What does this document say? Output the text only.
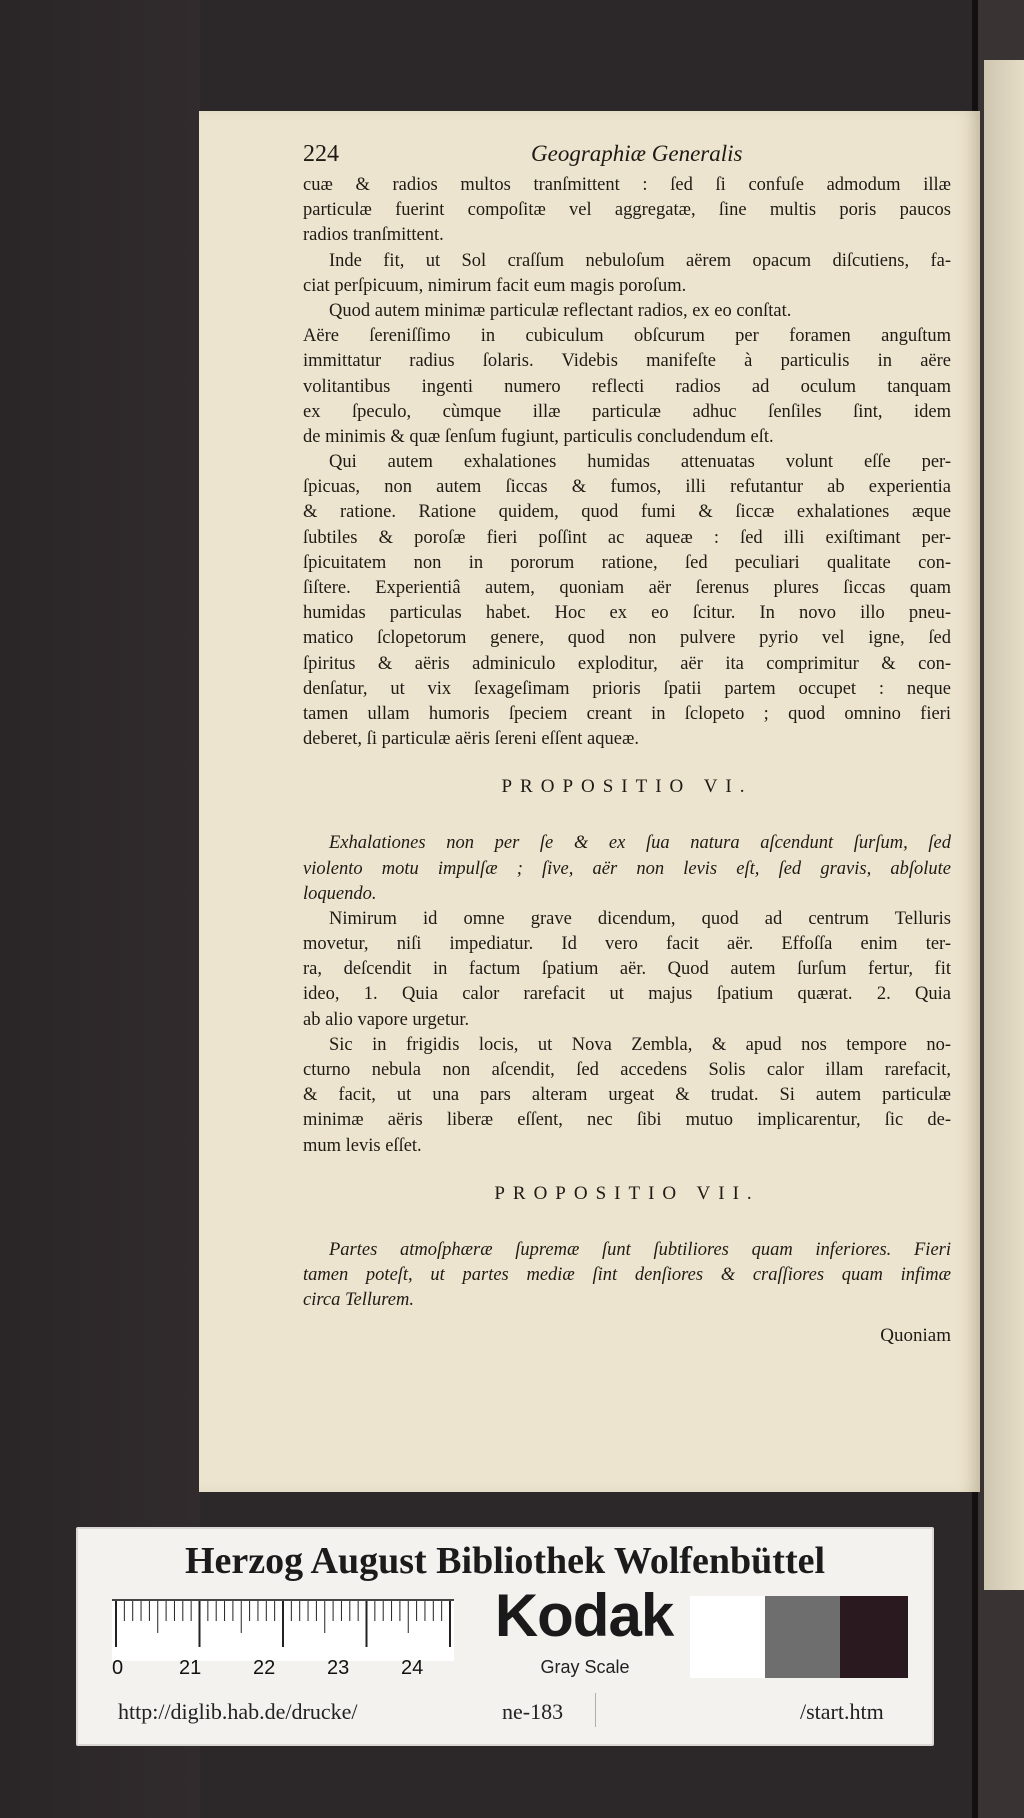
224	Geographiæ Generalis
cuæ & radios multos tranſmittent : ſed ſi confuſe admodum illæ
particulæ fuerint compoſitæ vel aggregatæ, ſine multis poris paucos
radios tranſmittent.
Inde fit, ut Sol craſſum nebuloſum aërem opacum diſcutiens, fa-
ciat perſpicuum, nimirum facit eum magis poroſum.
Quod autem minimæ particulæ reflectant radios, ex eo conſtat.
Aëre ſereniſſimo in cubiculum obſcurum per foramen anguſtum
immittatur radius ſolaris. Videbis manifeſte à particulis in aëre
volitantibus ingenti numero reflecti radios ad oculum tanquam
ex ſpeculo, cùmque illæ particulæ adhuc ſenſiles ſint, idem
de minimis & quæ ſenſum fugiunt, particulis concludendum eſt.
Qui autem exhalationes humidas attenuatas volunt eſſe per-
ſpicuas, non autem ſiccas & fumos, illi refutantur ab experientia
& ratione. Ratione quidem, quod fumi & ſiccæ exhalationes æque
ſubtiles & poroſæ fieri poſſint ac aqueæ : ſed illi exiſtimant per-
ſpicuitatem non in pororum ratione, ſed peculiari qualitate con-
ſiſtere. Experientiâ autem, quoniam aër ſerenus plures ſiccas quam
humidas particulas habet. Hoc ex eo ſcitur. In novo illo pneu-
matico ſclopetorum genere, quod non pulvere pyrio vel igne, ſed
ſpiritus & aëris adminiculo exploditur, aër ita comprimitur & con-
denſatur, ut vix ſexageſimam prioris ſpatii partem occupet : neque
tamen ullam humoris ſpeciem creant in ſclopeto ; quod omnino fieri
deberet, ſi particulæ aëris ſereni eſſent aqueæ.
PROPOSITIO VI.
Exhalationes non per ſe & ex ſua natura aſcendunt ſurſum, ſed
violento motu impulſæ ; ſive, aër non levis eſt, ſed gravis, abſolute
loquendo.
Nimirum id omne grave dicendum, quod ad centrum Telluris
movetur, niſi impediatur. Id vero facit aër. Effoſſa enim ter-
ra, deſcendit in factum ſpatium aër. Quod autem ſurſum fertur, fit
ideo, 1. Quia calor rarefacit ut majus ſpatium quærat. 2. Quia
ab alio vapore urgetur.
Sic in frigidis locis, ut Nova Zembla, & apud nos tempore no-
cturno nebula non aſcendit, ſed accedens Solis calor illam rarefacit,
& facit, ut una pars alteram urgeat & trudat. Si autem particulæ
minimæ aëris liberæ eſſent, nec ſibi mutuo implicarentur, ſic de-
mum levis eſſet.
PROPOSITIO VII.
Partes atmoſphæræ ſupremæ ſunt ſubtiliores quam inferiores. Fieri
tamen poteſt, ut partes mediæ ſint denſiores & craſſiores quam infimæ
circa Tellurem.
Quoniam
Herzog August Bibliothek Wolfenbüttel
0	21	22	23	24
Kodak
Gray Scale
http://diglib.hab.de/drucke/	ne-183	/start.htm
